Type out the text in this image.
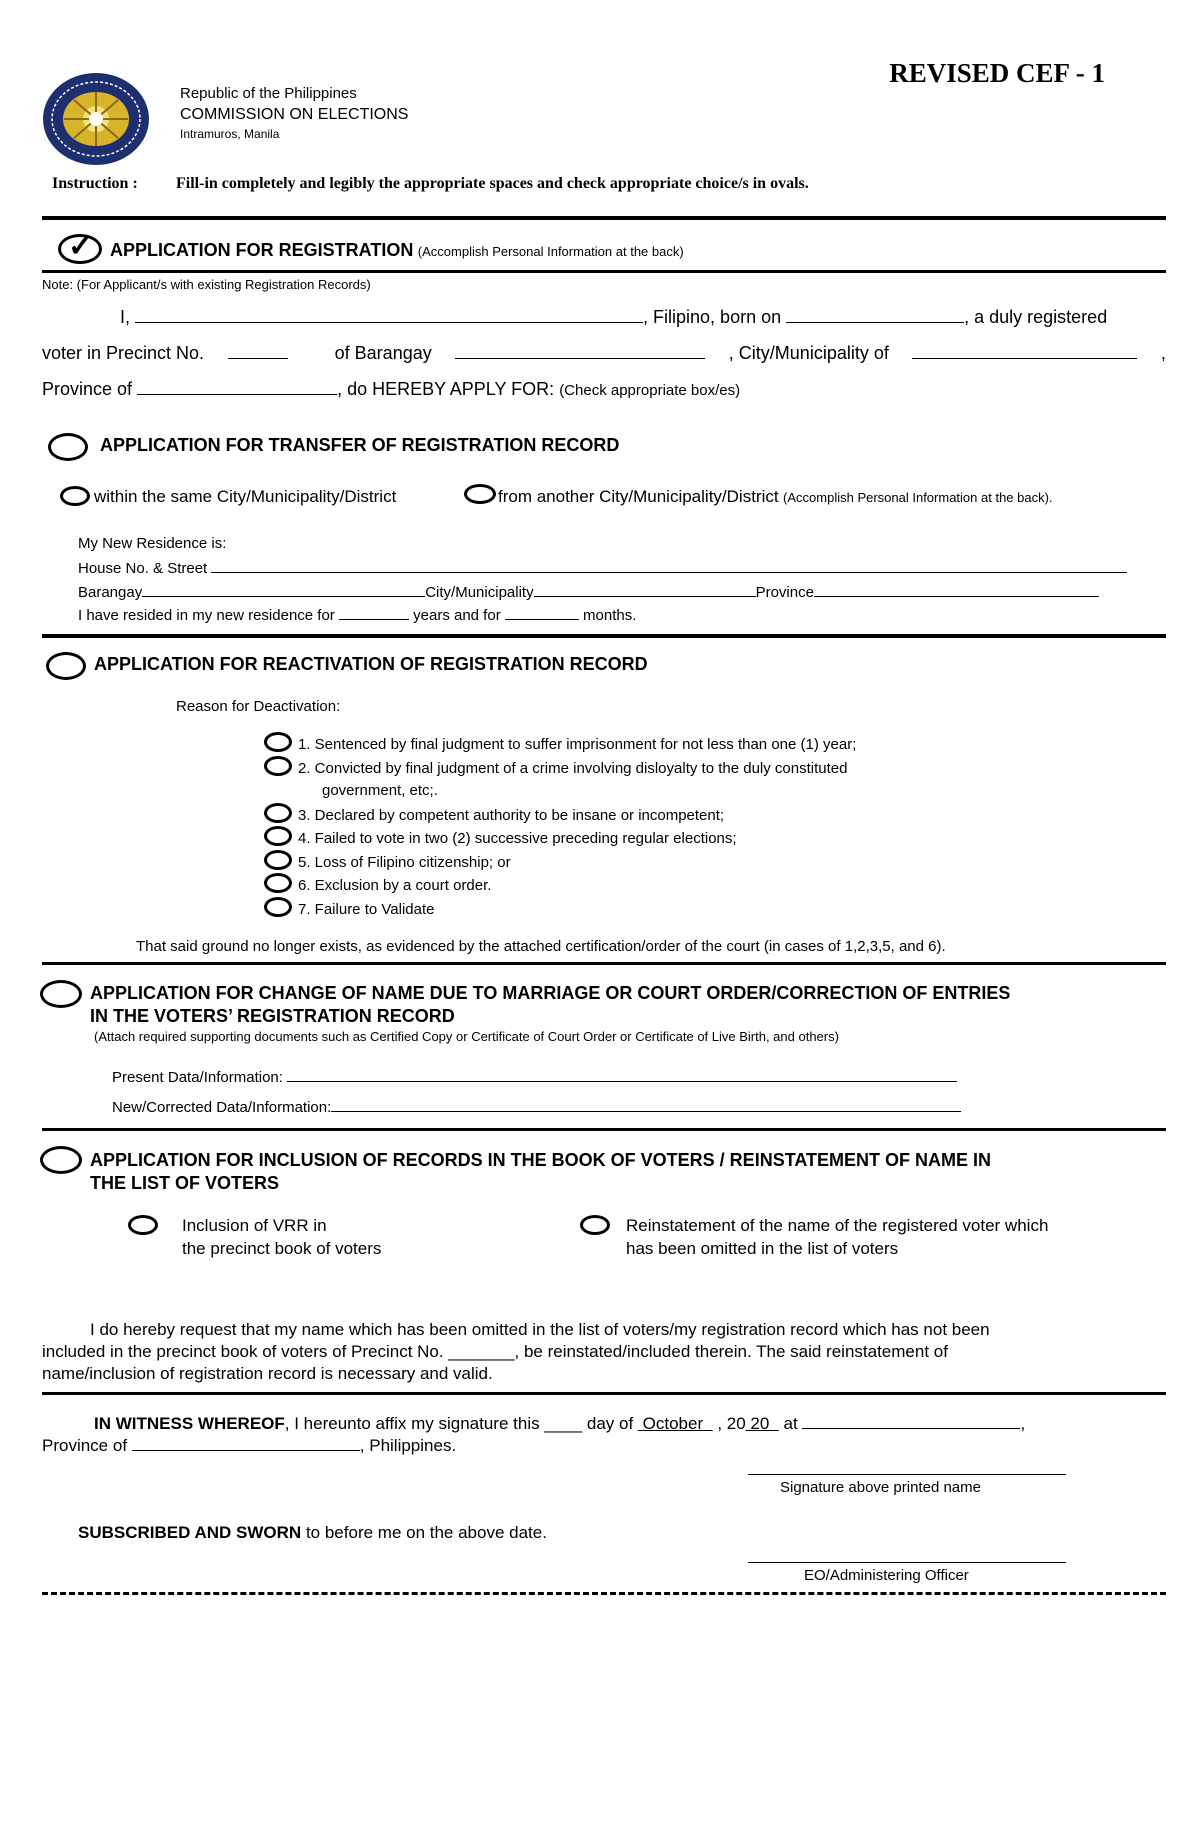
REVISED CEF - 1
Republic of the Philippines
COMMISSION ON ELECTIONS
Intramuros, Manila
Instruction : Fill-in completely and legibly the appropriate spaces and check appropriate choice/s in ovals.
✓ APPLICATION FOR REGISTRATION (Accomplish Personal Information at the back)
Note: (For Applicant/s with existing Registration Records)
I,	, Filipino, born on	, a duly registered
voter in Precinct No.	of Barangay	, City/Municipality of	,
Province of	, do HEREBY APPLY FOR: (Check appropriate box/es)
APPLICATION FOR TRANSFER OF REGISTRATION RECORD
within the same City/Municipality/District	from another City/Municipality/District (Accomplish Personal Information at the back).
My New Residence is:
House No. & Street
Barangay	City/Municipality	Province
I have resided in my new residence for	years and for	months.
APPLICATION FOR REACTIVATION OF REGISTRATION RECORD
Reason for Deactivation:
1. Sentenced by final judgment to suffer imprisonment for not less than one (1) year;
2. Convicted by final judgment of a crime involving disloyalty to the duly constituted
government, etc;.
3. Declared by competent authority to be insane or incompetent;
4. Failed to vote in two (2) successive preceding regular elections;
5. Loss of Filipino citizenship; or
6. Exclusion by a court order.
7. Failure to Validate
That said ground no longer exists, as evidenced by the attached certification/order of the court (in cases of 1,2,3,5, and 6).
APPLICATION FOR CHANGE OF NAME DUE TO MARRIAGE OR COURT ORDER/CORRECTION OF ENTRIES
IN THE VOTERS’ REGISTRATION RECORD
(Attach required supporting documents such as Certified Copy or Certificate of Court Order or Certificate of Live Birth, and others)
Present Data/Information:
New/Corrected Data/Information:
APPLICATION FOR INCLUSION OF RECORDS IN THE BOOK OF VOTERS / REINSTATEMENT OF NAME IN
THE LIST OF VOTERS
Inclusion of VRR in
the precinct book of voters
Reinstatement of the name of the registered voter which
has been omitted in the list of voters
I do hereby request that my name which has been omitted in the list of voters/my registration record which has not been
included in the precinct book of voters of Precinct No. _______, be reinstated/included therein. The said reinstatement of
name/inclusion of registration record is necessary and valid.
IN WITNESS WHEREOF, I hereunto affix my signature this ____ day of October , 20 20 at	,
Province of	, Philippines.
Signature above printed name
SUBSCRIBED AND SWORN to before me on the above date.
EO/Administering Officer
